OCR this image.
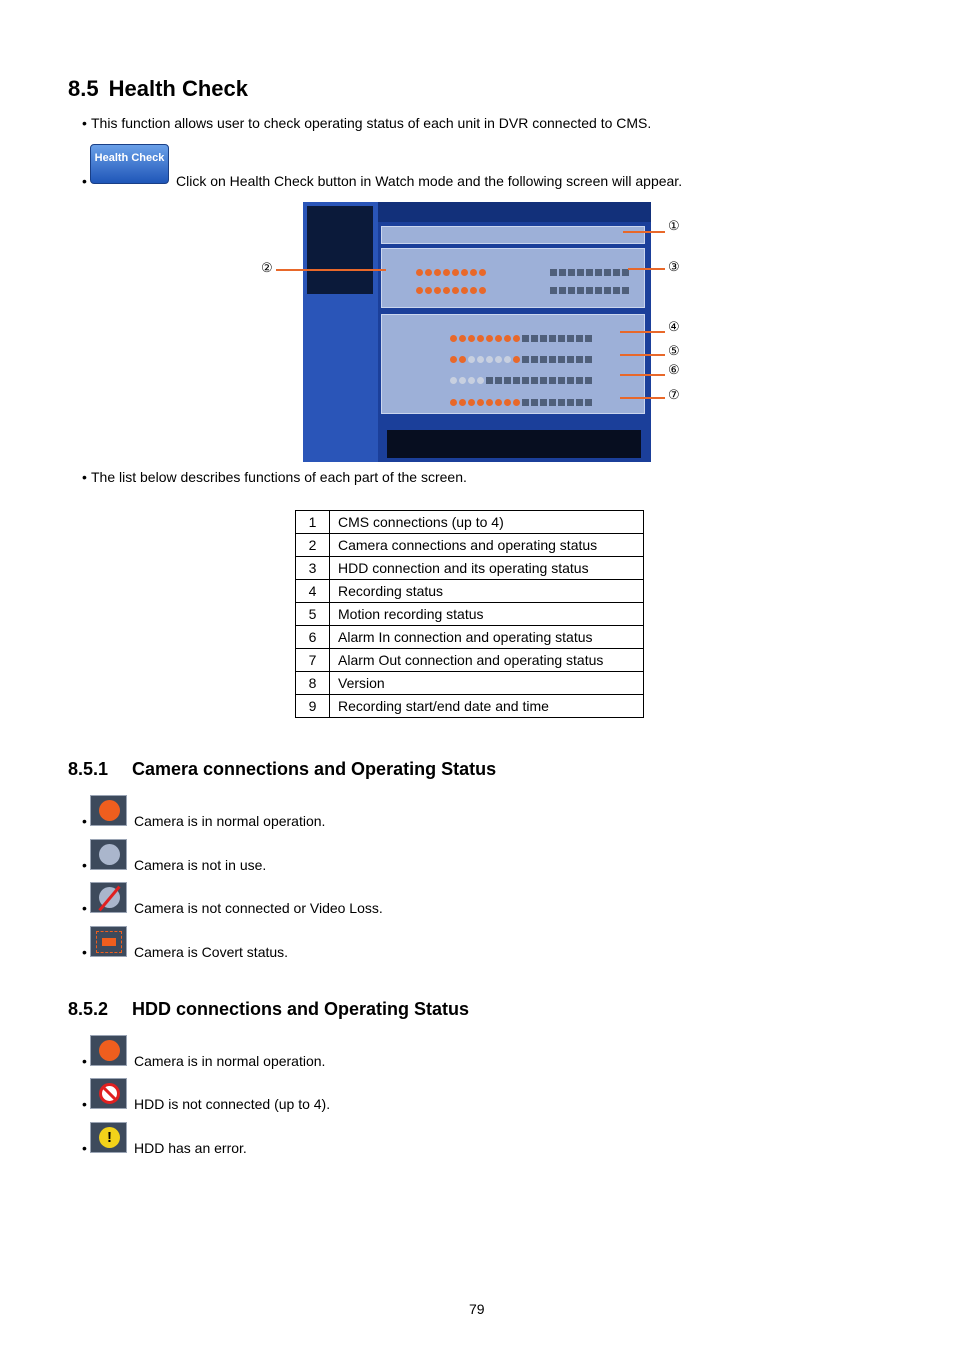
8.5 Health Check
• This function allows user to check operating status of each unit in DVR connected to CMS.
•
Health Check
Click on Health Check button in Watch mode and the following screen will appear.
①
②	③
④
⑤
⑥
⑦
• The list below describes functions of each part of the screen.
1	CMS connections (up to 4)
2	Camera connections and operating status
3	HDD connection and its operating status
4	Recording status
5	Motion recording status
6	Alarm In connection and operating status
7	Alarm Out connection and operating status
8	Version
9	Recording start/end date and time
8.5.1 Camera connections and Operating Status
•	Camera is in normal operation.
•	Camera is not in use.
•	Camera is not connected or Video Loss.
•	Camera is Covert status.
8.5.2 HDD connections and Operating Status
•	Camera is in normal operation.
•	HDD is not connected (up to 4).
•
!
HDD has an error.
79
